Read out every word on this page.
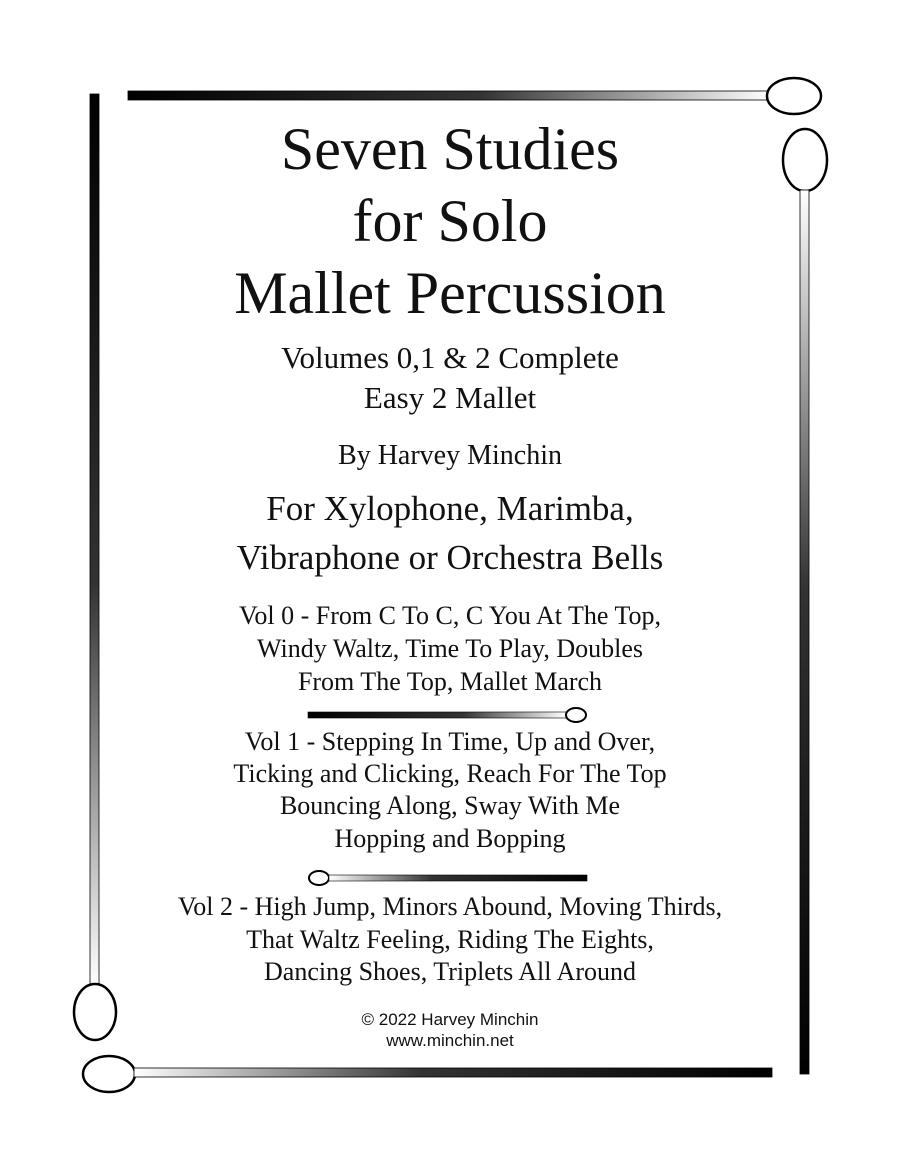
Seven Studies
for Solo
Mallet Percussion
Volumes 0,1 & 2 Complete
Easy 2 Mallet
By Harvey Minchin
For Xylophone, Marimba,
Vibraphone or Orchestra Bells
Vol 0 - From C To C, C You At The Top,
Windy Waltz, Time To Play, Doubles
From The Top, Mallet March
Vol 1 - Stepping In Time, Up and Over,
Ticking and Clicking, Reach For The Top
Bouncing Along, Sway With Me
Hopping and Bopping
Vol 2 - High Jump, Minors Abound, Moving Thirds,
That Waltz Feeling, Riding The Eights,
Dancing Shoes, Triplets All Around
© 2022 Harvey Minchin
www.minchin.net
